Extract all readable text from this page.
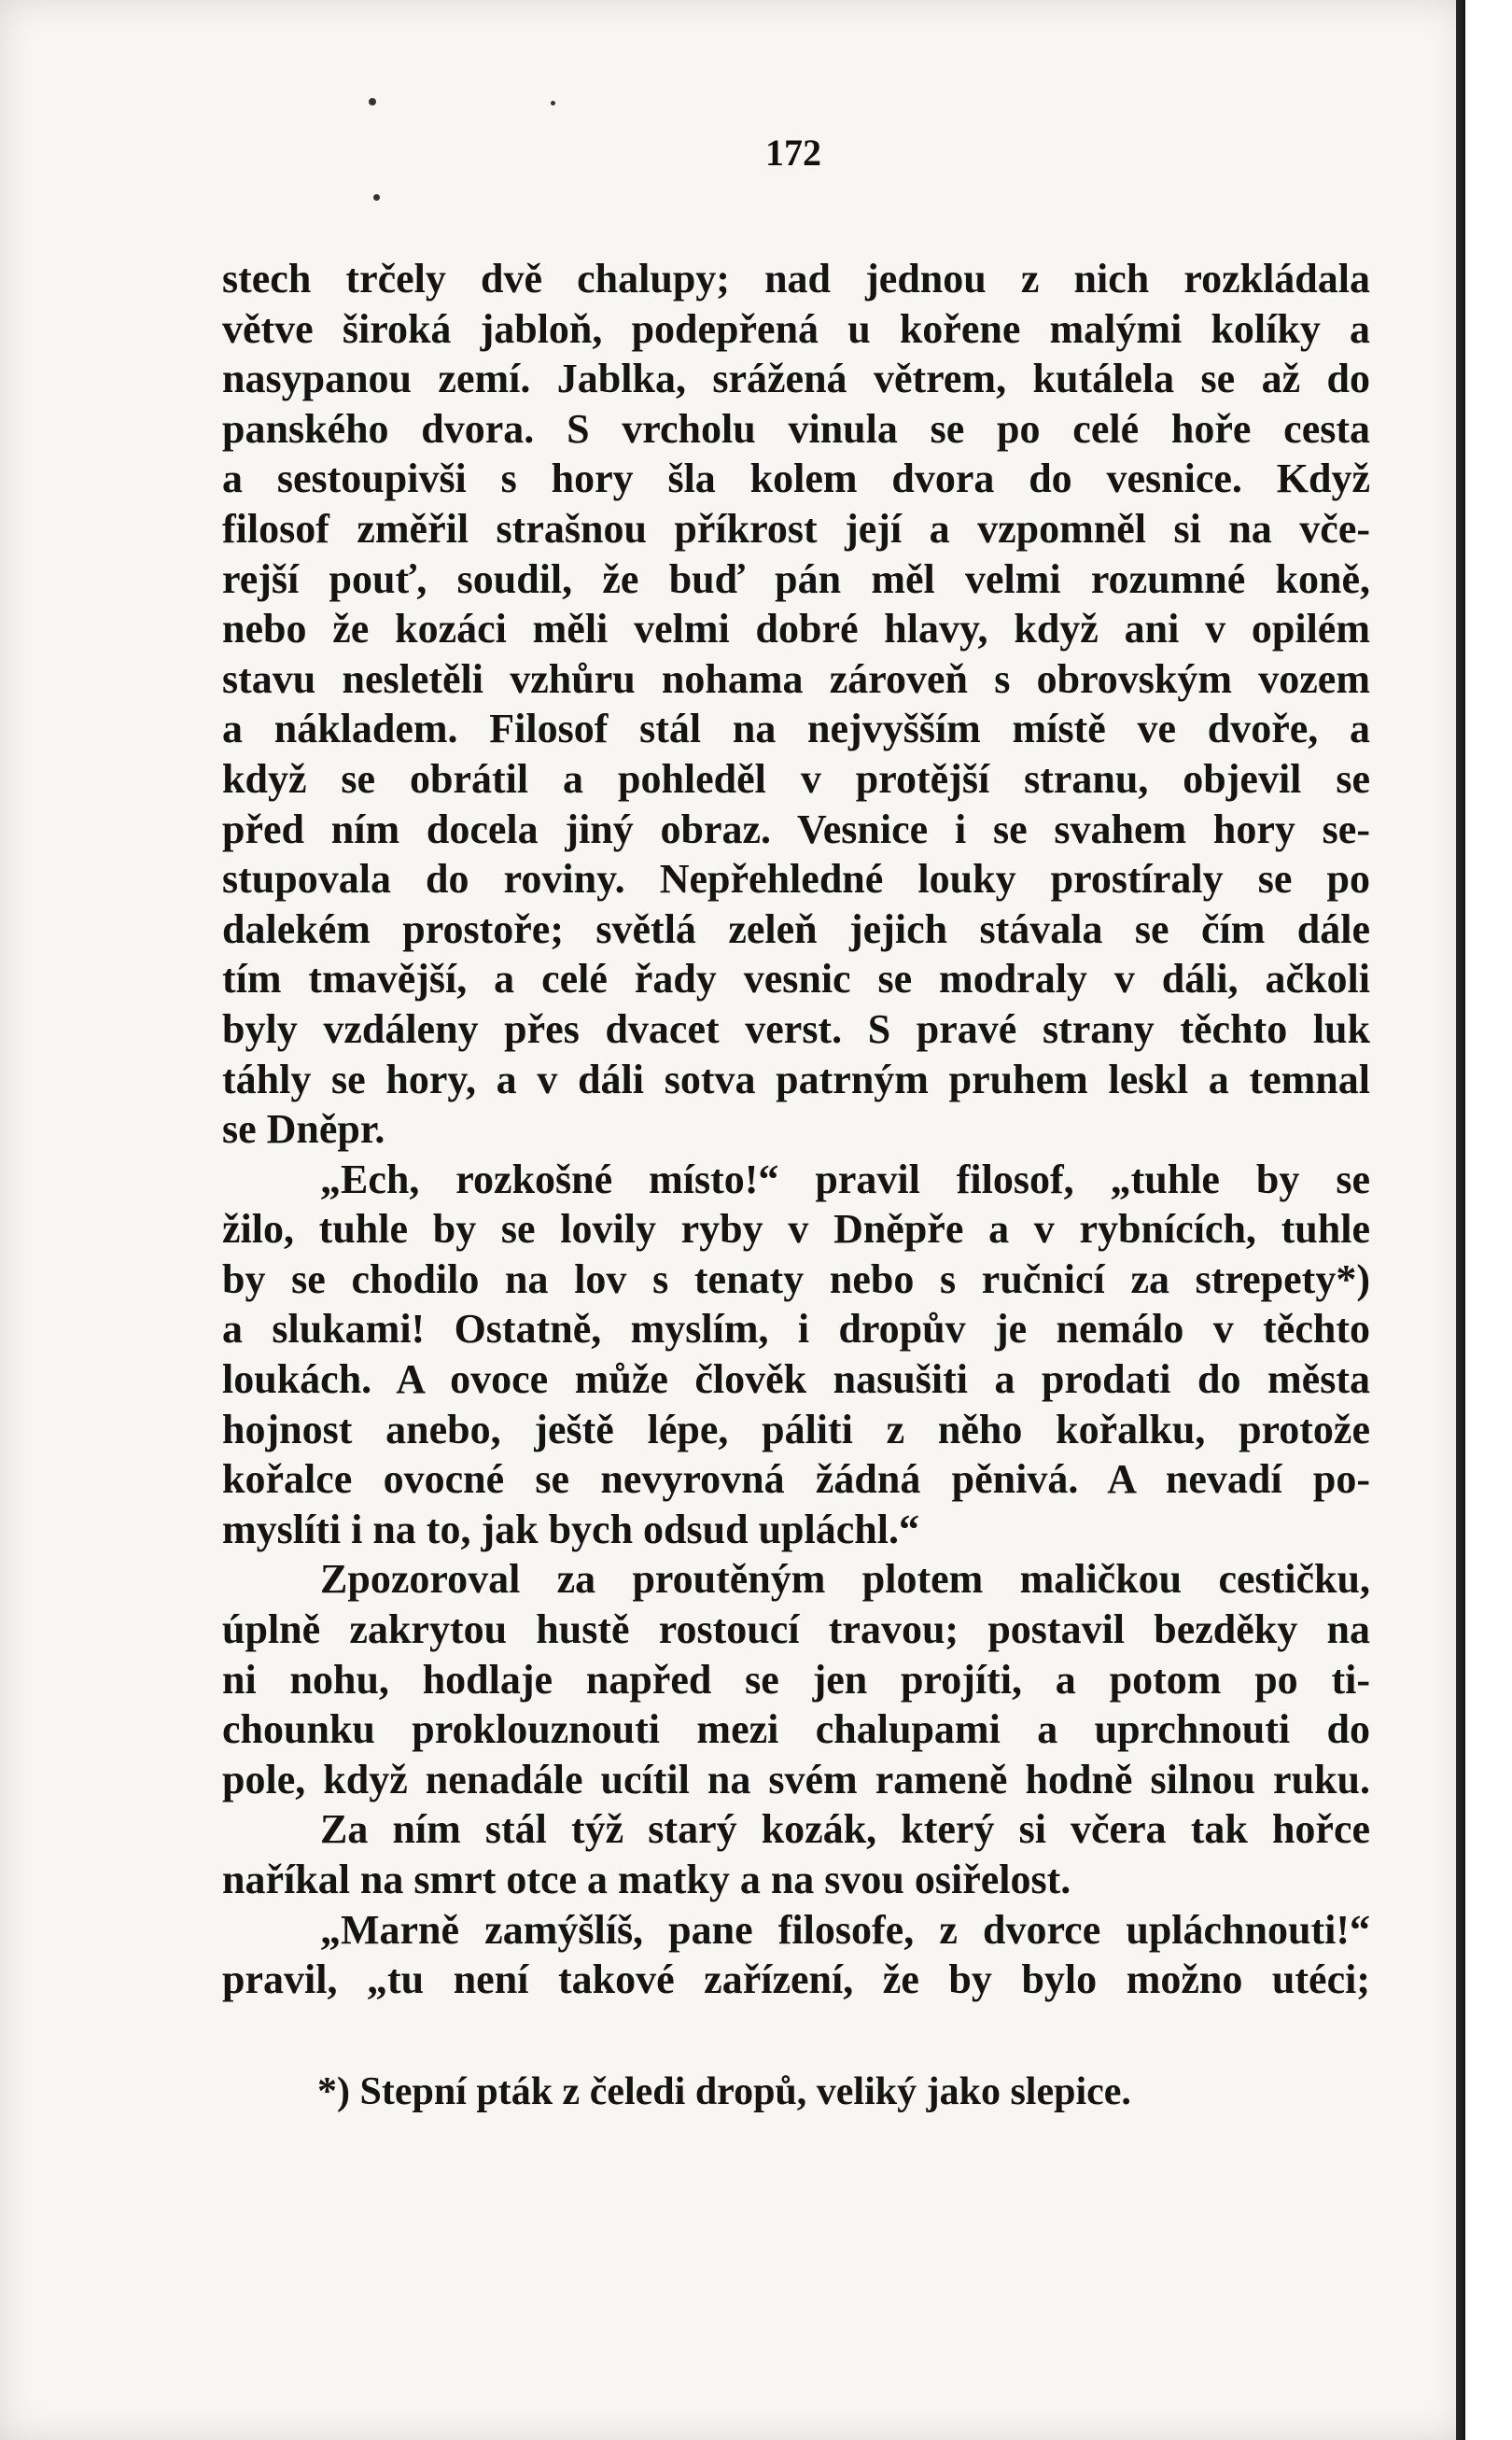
172
stech trčely dvě chalupy; nad jednou z nich rozkládala
větve široká jabloň, podepřená u kořene malými kolíky a
nasypanou zemí. Jablka, srážená větrem, kutálela se až do
panského dvora. S vrcholu vinula se po celé hoře cesta
a sestoupivši s hory šla kolem dvora do vesnice. Když
filosof změřil strašnou příkrost její a vzpomněl si na vče-
rejší pouť, soudil, že buď pán měl velmi rozumné koně,
nebo že kozáci měli velmi dobré hlavy, když ani v opilém
stavu nesletěli vzhůru nohama zároveň s obrovským vozem
a nákladem. Filosof stál na nejvyšším místě ve dvoře, a
když se obrátil a pohleděl v protější stranu, objevil se
před ním docela jiný obraz. Vesnice i se svahem hory se-
stupovala do roviny. Nepřehledné louky prostíraly se po
dalekém prostoře; světlá zeleň jejich stávala se čím dále
tím tmavější, a celé řady vesnic se modraly v dáli, ačkoli
byly vzdáleny přes dvacet verst. S pravé strany těchto luk
táhly se hory, a v dáli sotva patrným pruhem leskl a temnal
se Dněpr.
„Ech, rozkošné místo!“ pravil filosof, „tuhle by se
žilo, tuhle by se lovily ryby v Dněpře a v rybnících, tuhle
by se chodilo na lov s tenaty nebo s ručnicí za strepety*)
a slukami! Ostatně, myslím, i dropův je nemálo v těchto
loukách. A ovoce může člověk nasušiti a prodati do města
hojnost anebo, ještě lépe, páliti z něho kořalku, protože
kořalce ovocné se nevyrovná žádná pěnivá. A nevadí po-
myslíti i na to, jak bych odsud upláchl.“
Zpozoroval za proutěným plotem maličkou cestičku,
úplně zakrytou hustě rostoucí travou; postavil bezděky na
ni nohu, hodlaje napřed se jen projíti, a potom po ti-
chounku proklouznouti mezi chalupami a uprchnouti do
pole, když nenadále ucítil na svém rameně hodně silnou ruku.
Za ním stál týž starý kozák, který si včera tak hořce
naříkal na smrt otce a matky a na svou osiřelost.
„Marně zamýšlíš, pane filosofe, z dvorce upláchnouti!“
pravil, „tu není takové zařízení, že by bylo možno utéci;
*) Stepní pták z čeledi dropů, veliký jako slepice.
